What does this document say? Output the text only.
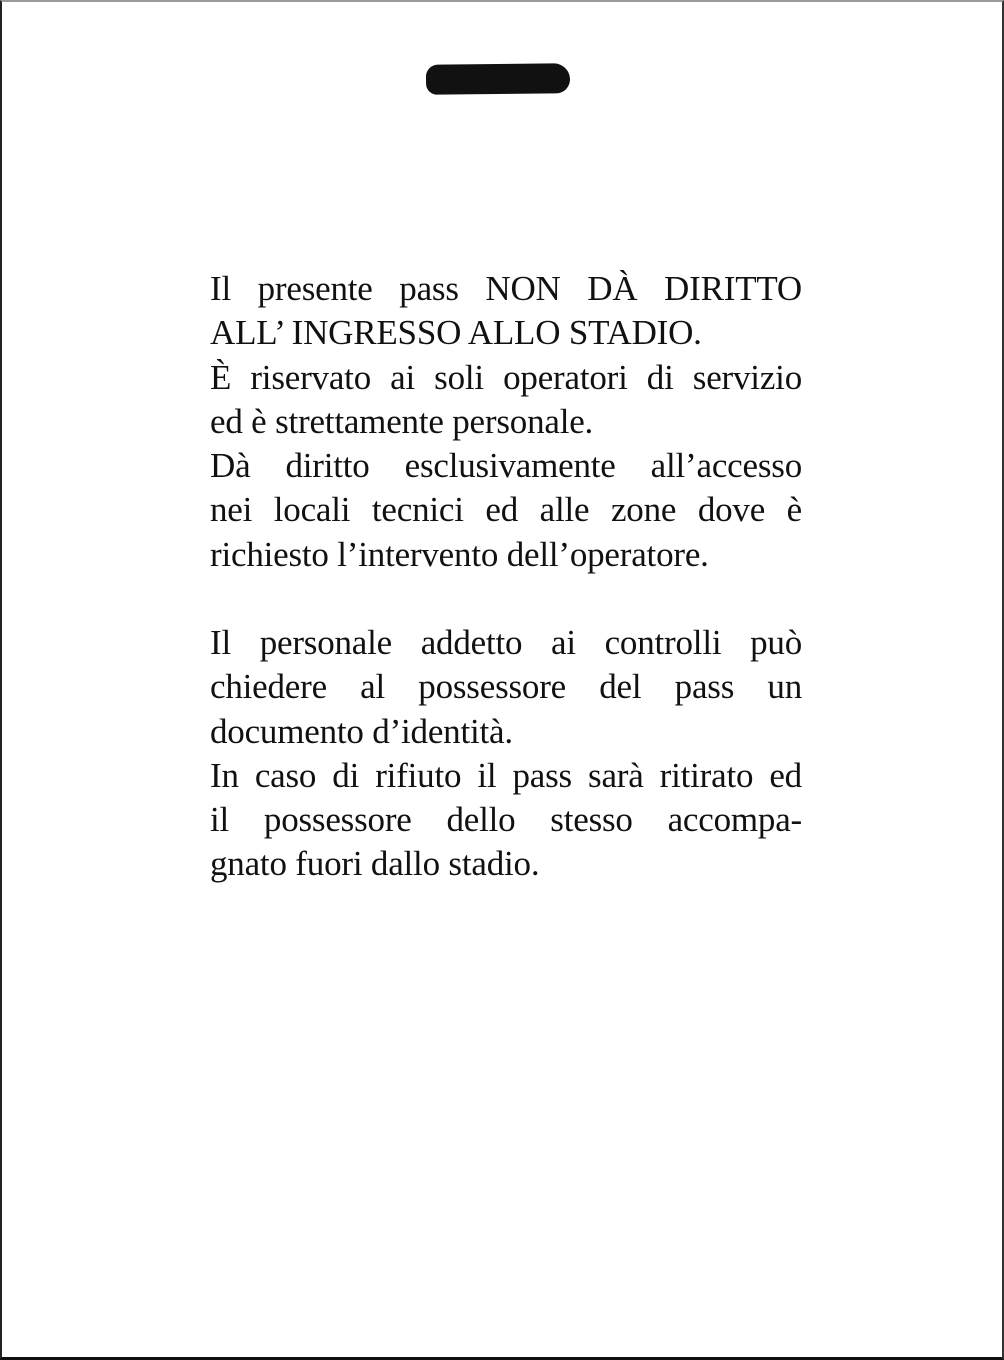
Il presente pass NON DÀ DIRITTO
ALL’ INGRESSO ALLO STADIO.

È riservato ai soli operatori di servizio
ed è strettamente personale.

Dà diritto esclusivamente all’accesso
nei locali tecnici ed alle zone dove è
richiesto l’intervento dell’operatore.

Il personale addetto ai controlli può
chiedere al possessore del pass un
documento d’identità.

In caso di rifiuto il pass sarà ritirato ed
il possessore dello stesso accompa-
gnato fuori dallo stadio.
